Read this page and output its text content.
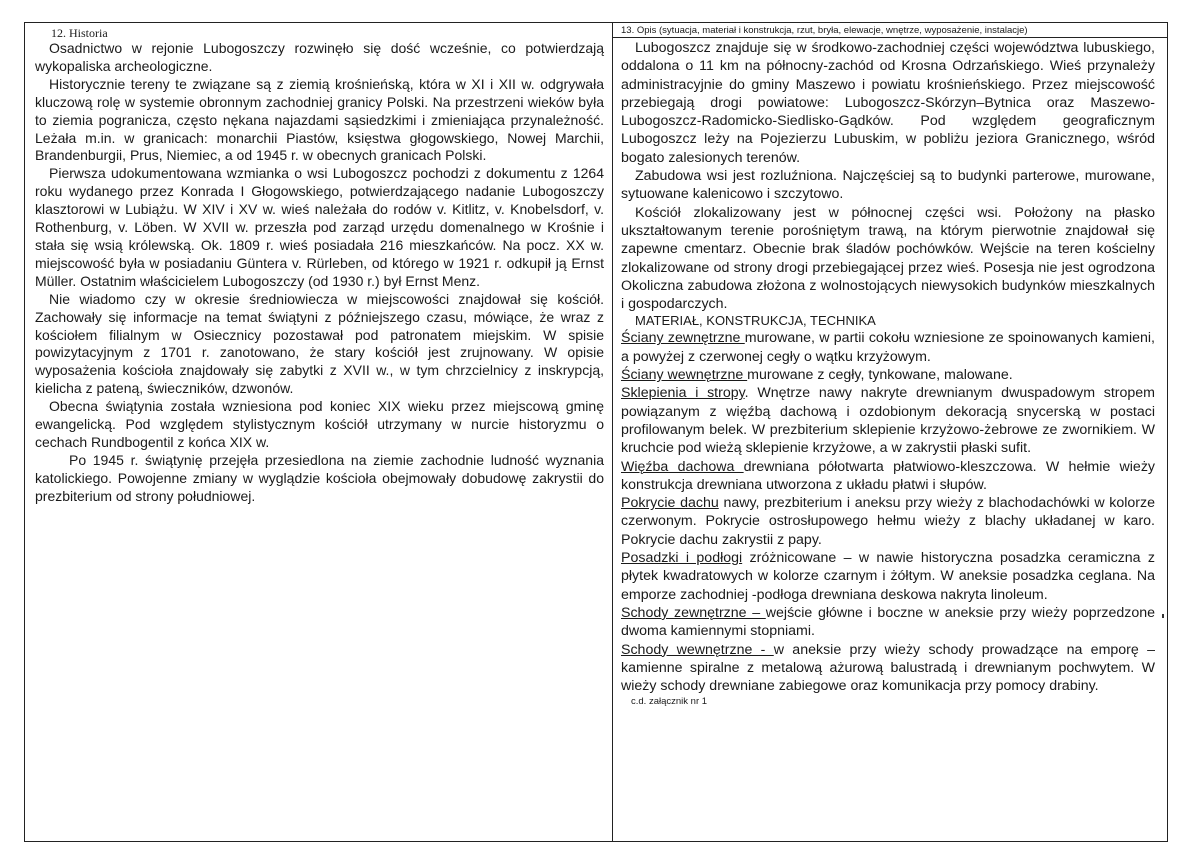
12. Historia

Osadnictwo w rejonie Lubogoszczy rozwinęło się dość wcześnie, co potwierdzają wykopaliska archeologiczne.

Historycznie tereny te związane są z ziemią krośnieńską, która w XI i XII w. odgrywała kluczową rolę w systemie obronnym zachodniej granicy Polski. Na przestrzeni wieków była to ziemia pogranicza, często nękana najazdami sąsiedzkimi i zmieniająca przynależność. Leżała m.in. w granicach: monarchii Piastów, księstwa głogowskiego, Nowej Marchii, Brandenburgii, Prus, Niemiec, a od 1945 r. w obecnych granicach Polski.

Pierwsza udokumentowana wzmianka o wsi Lubogoszcz pochodzi z dokumentu z 1264 roku wydanego przez Konrada I Głogowskiego, potwierdzającego nadanie Lubogoszczy klasztorowi w Lubiążu. W XIV i XV w. wieś należała do rodów v. Kitlitz, v. Knobelsdorf, v. Rothenburg, v. Löben. W XVII w. przeszła pod zarząd urzędu domenalnego w Krośnie i stała się wsią królewską. Ok. 1809 r. wieś posiadała 216 mieszkańców. Na pocz. XX w. miejscowość była w posiadaniu Güntera v. Rürleben, od którego w 1921 r. odkupił ją Ernst Müller. Ostatnim właścicielem Lubogoszczy (od 1930 r.) był Ernst Menz.

Nie wiadomo czy w okresie średniowiecza w miejscowości znajdował się kościół. Zachowały się informacje na temat świątyni z późniejszego czasu, mówiące, że wraz z kościołem filialnym w Osiecznicy pozostawał pod patronatem miejskim. W spisie powizytacyjnym z 1701 r. zanotowano, że stary kościół jest zrujnowany. W opisie wyposażenia kościoła znajdowały się zabytki z XVII w., w tym chrzcielnicy z inskrypcją, kielicha z pateną, świeczników, dzwonów.

Obecna świątynia została wzniesiona pod koniec XIX wieku przez miejscową gminę ewangelicką. Pod względem stylistycznym kościół utrzymany w nurcie historyzmu o cechach Rundbogentil z końca XIX w.

Po 1945 r. świątynię przejęła przesiedlona na ziemie zachodnie ludność wyznania katolickiego. Powojenne zmiany w wyglądzie kościoła obejmowały dobudowę zakrystii do prezbiterium od strony południowej.

13. Opis (sytuacja, materiał i konstrukcja, rzut, bryła, elewacje, wnętrze, wyposażenie, instalacje)

Lubogoszcz znajduje się w środkowo-zachodniej części województwa lubuskiego, oddalona o 11 km na północny-zachód od Krosna Odrzańskiego. Wieś przynależy administracyjnie do gminy Maszewo i powiatu krośnieńskiego. Przez miejscowość przebiegają drogi powiatowe: Lubogoszcz-Skórzyn–Bytnica oraz Maszewo-Lubogoszcz-Radomicko-Siedlisko-Gądków. Pod względem geograficznym Lubogoszcz leży na Pojezierzu Lubuskim, w pobliżu jeziora Granicznego, wśród bogato zalesionych terenów.

Zabudowa wsi jest rozluźniona. Najczęściej są to budynki parterowe, murowane, sytuowane kalenicowo i szczytowo.

Kościół zlokalizowany jest w północnej części wsi. Położony na płasko ukształtowanym terenie porośniętym trawą, na którym pierwotnie znajdował się zapewne cmentarz. Obecnie brak śladów pochówków. Wejście na teren kościelny zlokalizowane od strony drogi przebiegającej przez wieś. Posesja nie jest ogrodzona Okoliczna zabudowa złożona z wolnostojących niewysokich budynków mieszkalnych i gospodarczych.

MATERIAŁ, KONSTRUKCJA, TECHNIKA

Ściany zewnętrzne murowane, w partii cokołu wzniesione ze spoinowanych kamieni, a powyżej z czerwonej cegły o wątku krzyżowym.

Ściany wewnętrzne murowane z cegły, tynkowane, malowane.

Sklepienia i stropy. Wnętrze nawy nakryte drewnianym dwuspadowym stropem powiązanym z więźbą dachową i ozdobionym dekoracją snycerską w postaci profilowanym belek. W prezbiterium sklepienie krzyżowo-żebrowe ze zwornikiem. W kruchcie pod wieżą sklepienie krzyżowe, a w zakrystii płaski sufit.

Więźba dachowa drewniana półotwarta płatwiowo-kleszczowa. W hełmie wieży konstrukcja drewniana utworzona z układu płatwi i słupów.

Pokrycie dachu nawy, prezbiterium i aneksu przy wieży z blachodachówki w kolorze czerwonym. Pokrycie ostrosłupowego hełmu wieży z blachy układanej w karo. Pokrycie dachu zakrystii z papy.

Posadzki i podłogi zróżnicowane – w nawie historyczna posadzka ceramiczna z płytek kwadratowych w kolorze czarnym i żółtym. W aneksie posadzka ceglana. Na emporze zachodniej -podłoga drewniana deskowa nakryta linoleum.

Schody zewnętrzne – wejście główne i boczne w aneksie przy wieży poprzedzone dwoma kamiennymi stopniami.

Schody wewnętrzne - w aneksie przy wieży schody prowadzące na emporę – kamienne spiralne z metalową ażurową balustradą i drewnianym pochwytem. W wieży schody drewniane zabiegowe oraz komunikacja przy pomocy drabiny.

c.d. załącznik nr 1
